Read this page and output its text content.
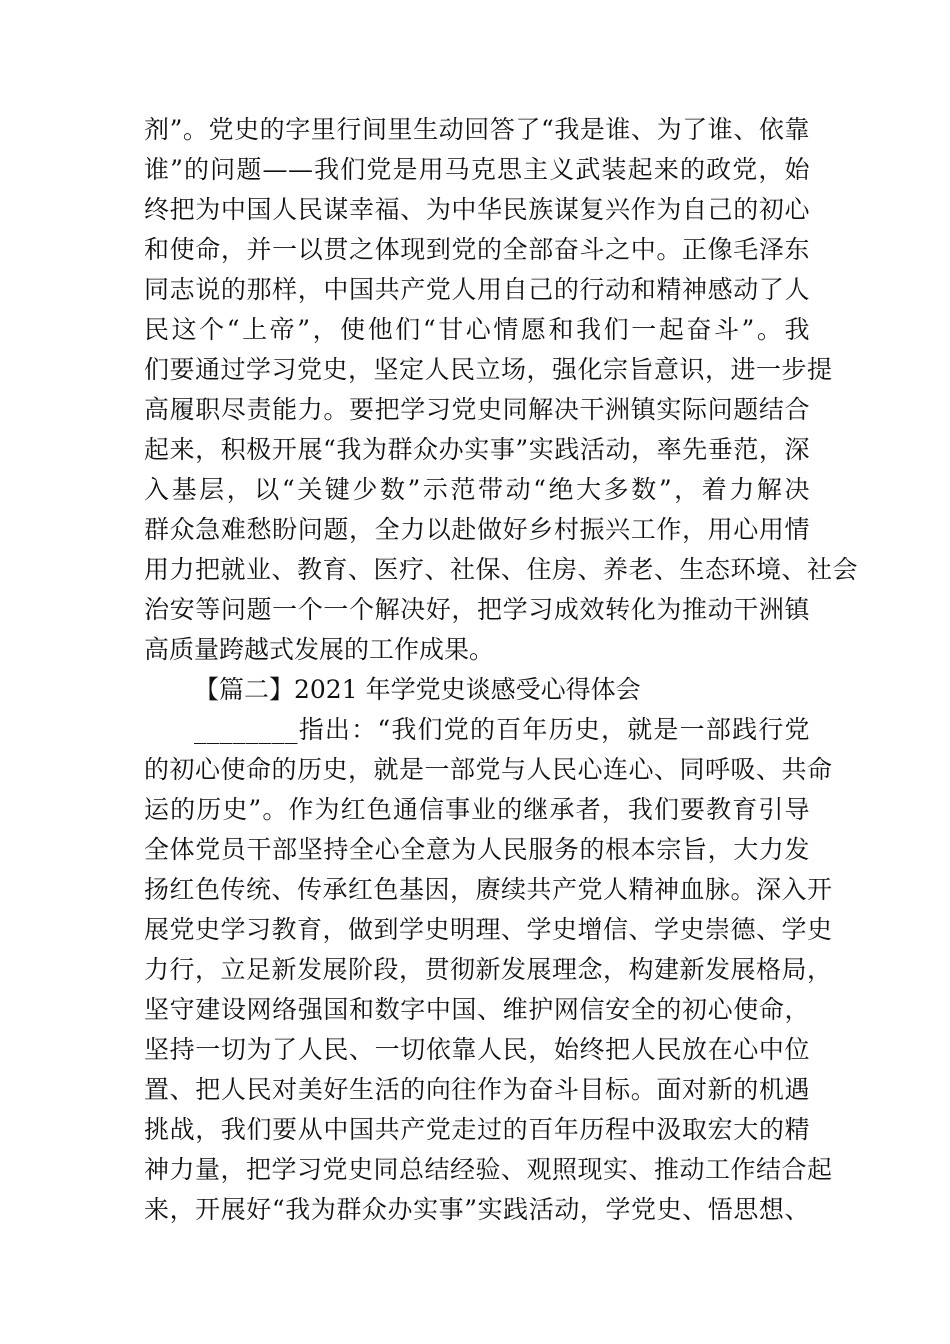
剂”。党史的字里行间里生动回答了“我是谁、为了谁、依靠
谁”的问题——我们党是用马克思主义武装起来的政党，始
终把为中国人民谋幸福、为中华民族谋复兴作为自己的初心
和使命，并一以贯之体现到党的全部奋斗之中。正像毛泽东
同志说的那样，中国共产党人用自己的行动和精神感动了人
民这个“上帝”，使他们“甘心情愿和我们一起奋斗”。我
们要通过学习党史，坚定人民立场，强化宗旨意识，进一步提
高履职尽责能力。要把学习党史同解决干洲镇实际问题结合
起来，积极开展“我为群众办实事”实践活动，率先垂范，深
入基层，以“关键少数”示范带动“绝大多数”，着力解决
群众急难愁盼问题，全力以赴做好乡村振兴工作，用心用情
用力把就业、教育、医疗、社保、住房、养老、生态环境、社会
治安等问题一个一个解决好，把学习成效转化为推动干洲镇
高质量跨越式发展的工作成果。
【篇二】2021 年学党史谈感受心得体会
________指出：“我们党的百年历史，就是一部践行党
的初心使命的历史，就是一部党与人民心连心、同呼吸、共命
运的历史”。作为红色通信事业的继承者，我们要教育引导
全体党员干部坚持全心全意为人民服务的根本宗旨，大力发
扬红色传统、传承红色基因，赓续共产党人精神血脉。深入开
展党史学习教育，做到学史明理、学史增信、学史崇德、学史
力行，立足新发展阶段，贯彻新发展理念，构建新发展格局，
坚守建设网络强国和数字中国、维护网信安全的初心使命，
坚持一切为了人民、一切依靠人民，始终把人民放在心中位
置、把人民对美好生活的向往作为奋斗目标。面对新的机遇
挑战，我们要从中国共产党走过的百年历程中汲取宏大的精
神力量，把学习党史同总结经验、观照现实、推动工作结合起
来，开展好“我为群众办实事”实践活动，学党史、悟思想、
